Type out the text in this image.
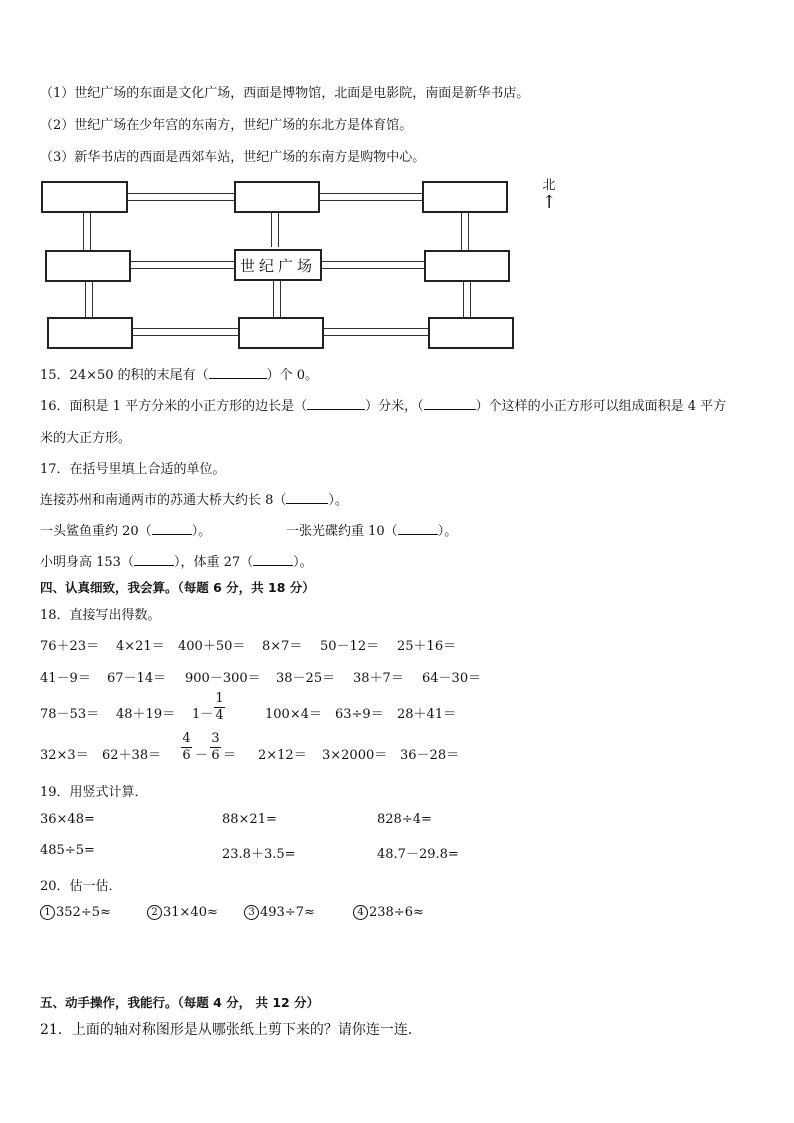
（1）世纪广场的东面是文化广场，西面是博物馆，北面是电影院，南面是新华书店。
（2）世纪广场在少年宫的东南方，世纪广场的东北方是体育馆。
（3）新华书店的西面是西郊车站，世纪广场的东南方是购物中心。
世纪广场
北
↑
15．24×50 的积的末尾有（	）个 0。
16．面积是 1 平方分米的小正方形的边长是（	）分米，（	）个这样的小正方形可以组成面积是 4 平方
米的大正方形。
17．在括号里填上合适的单位。
连接苏州和南通两市的苏通大桥大约长 8（	）。
一头鲨鱼重约 20（	）。	一张光碟约重 10（	）。
小明身高 153（	），体重 27（	）。
四、认真细致，我会算。（每题 6 分，共 18 分）
18．直接写出得数。
76＋23＝ 4×21＝ 400＋50＝ 8×7＝ 50－12＝ 25＋16＝
41－9＝ 67－14＝ 900－300＝ 38－25＝ 38＋7＝ 64－30＝
78－53＝ 48＋19＝ 1－
1
4	100×4＝ 63÷9＝ 28＋41＝
32×3＝ 62＋38＝
4
6 －
3
6 ＝ 2×12＝ 3×2000＝ 36－28＝
19．用竖式计算．
36×48=	88×21=	828÷4=
485÷5=	23.8＋3.5=	48.7－29.8=
20．估一估．
1 352÷5≈	2 31×40≈	3 493÷7≈	4 238÷6≈
五、动手操作，我能行。（每题 4 分， 共 12 分）
21．上面的轴对称图形是从哪张纸上剪下来的？请你连一连．
